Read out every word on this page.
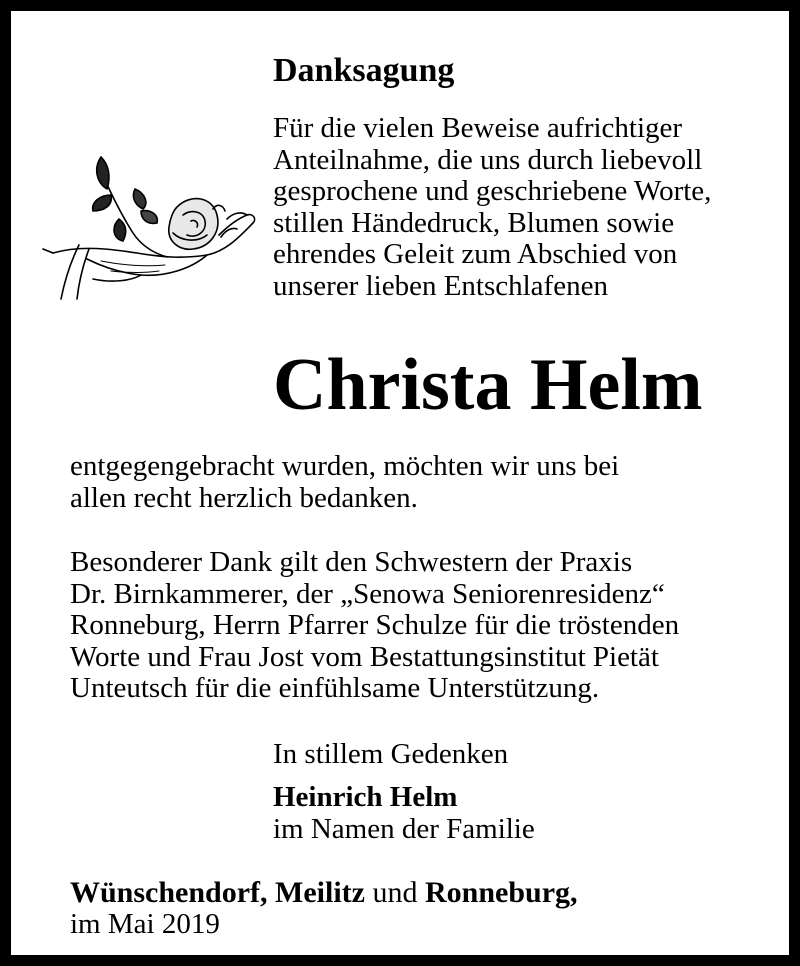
Danksagung
Für die vielen Beweise aufrichtiger
Anteilnahme, die uns durch liebevoll
gesprochene und geschriebene Worte,
stillen Händedruck, Blumen sowie
ehrendes Geleit zum Abschied von
unserer lieben Entschlafenen
Christa Helm
entgegengebracht wurden, möchten wir uns bei
allen recht herzlich bedanken.
Besonderer Dank gilt den Schwestern der Praxis
Dr. Birnkammerer, der „Senowa Seniorenresidenz“
Ronneburg, Herrn Pfarrer Schulze für die tröstenden
Worte und Frau Jost vom Bestattungsinstitut Pietät
Unteutsch für die einfühlsame Unterstützung.
In stillem Gedenken
Heinrich Helm
im Namen der Familie
Wünschendorf, Meilitz und Ronneburg,
im Mai 2019
